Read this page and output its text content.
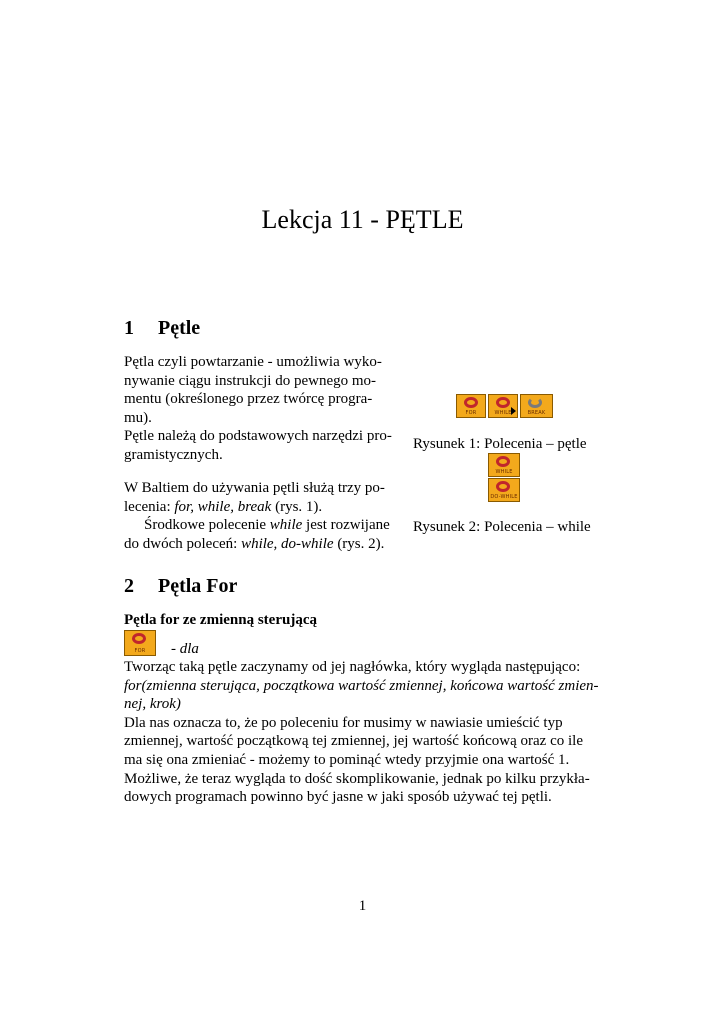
Lekcja 11 - PĘTLE
1 Pętle
Pętla czyli powtarzanie - umożliwia wyko-
nywanie ciągu instrukcji do pewnego mo-
mentu (określonego przez twórcę progra-
mu).
Pętle należą do podstawowych narzędzi pro-
gramistycznych.
W Baltiem do używania pętli służą trzy po-
lecenia: for, while, break (rys. 1).
Środkowe polecenie while jest rozwijane
do dwóch poleceń: while, do-while (rys. 2).
FOR	WHILE	BREAK
Rysunek 1: Polecenia – pętle
WHILE
DO-WHILE
Rysunek 2: Polecenia – while
2 Pętla For
Pętla for ze zmienną sterującą
FOR	- dla
Tworząc taką pętle zaczynamy od jej nagłówka, który wygląda następująco:
for(zmienna sterująca, początkowa wartość zmiennej, końcowa wartość zmien-
nej, krok)
Dla nas oznacza to, że po poleceniu for musimy w nawiasie umieścić typ
zmiennej, wartość początkową tej zmiennej, jej wartość końcową oraz co ile
ma się ona zmieniać - możemy to pominąć wtedy przyjmie ona wartość 1.
Możliwe, że teraz wygląda to dość skomplikowanie, jednak po kilku przykła-
dowych programach powinno być jasne w jaki sposób używać tej pętli.
1
